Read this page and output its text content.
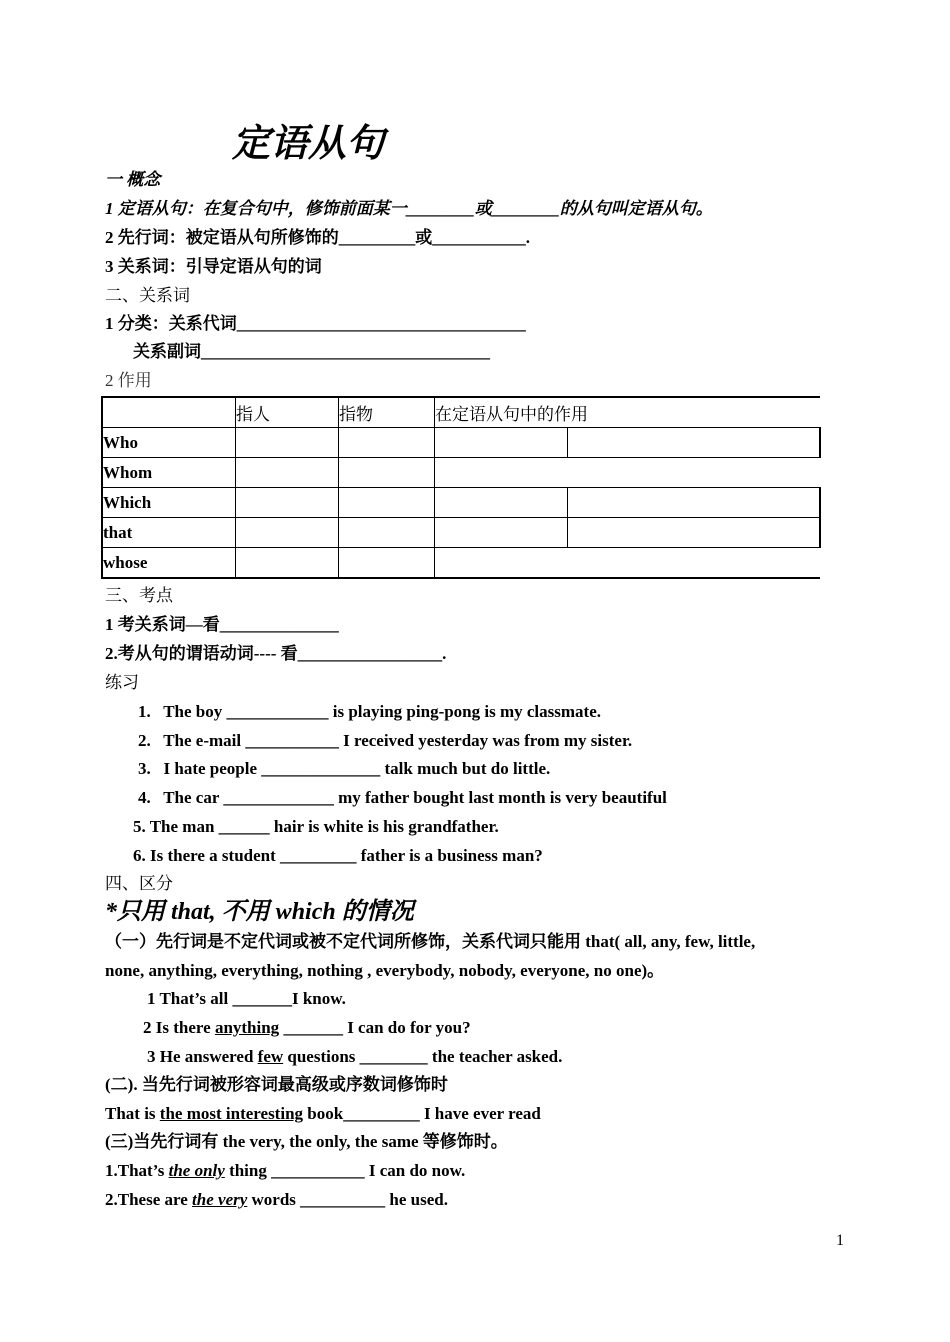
定语从句
一 概念
1 定语从句：在复合句中，修饰前面某一________或________的从句叫定语从句。
2 先行词：被定语从句所修饰的_________或___________.
3 关系词：引导定语从句的词
二、关系词
1 分类：关系代词__________________________________
关系副词__________________________________
2 作用
	指人	指物	在定语从句中的作用	
Who				
Whom				
Which				
that				
whose				
三、考点
1 考关系词—看______________
2.考从句的谓语动词---- 看_________________.
练习
1.   The boy ____________ is playing ping-pong is my classmate.
2.   The e-mail ___________ I received yesterday was from my sister.
3.   I hate people ______________ talk much but do little.
4.   The car _____________ my father bought last month is very beautiful
5. The man ______ hair is white is his grandfather.
6. Is there a student _________ father is a business man?
四、区分
*只用 that, 不用 which 的情况
（一）先行词是不定代词或被不定代词所修饰，关系代词只能用 that( all, any, few, little,
none, anything, everything, nothing , everybody, nobody, everyone, no one)。
1 That’s all _______I know.
2 Is there anything _______ I can do for you?
3 He answered few questions ________ the teacher asked.
(二). 当先行词被形容词最高级或序数词修饰时
That is the most interesting book_________ I have ever read
(三)当先行词有 the very, the only, the same 等修饰时。
1.That’s the only thing ___________ I can do now.
2.These are the very words __________ he used.
1
